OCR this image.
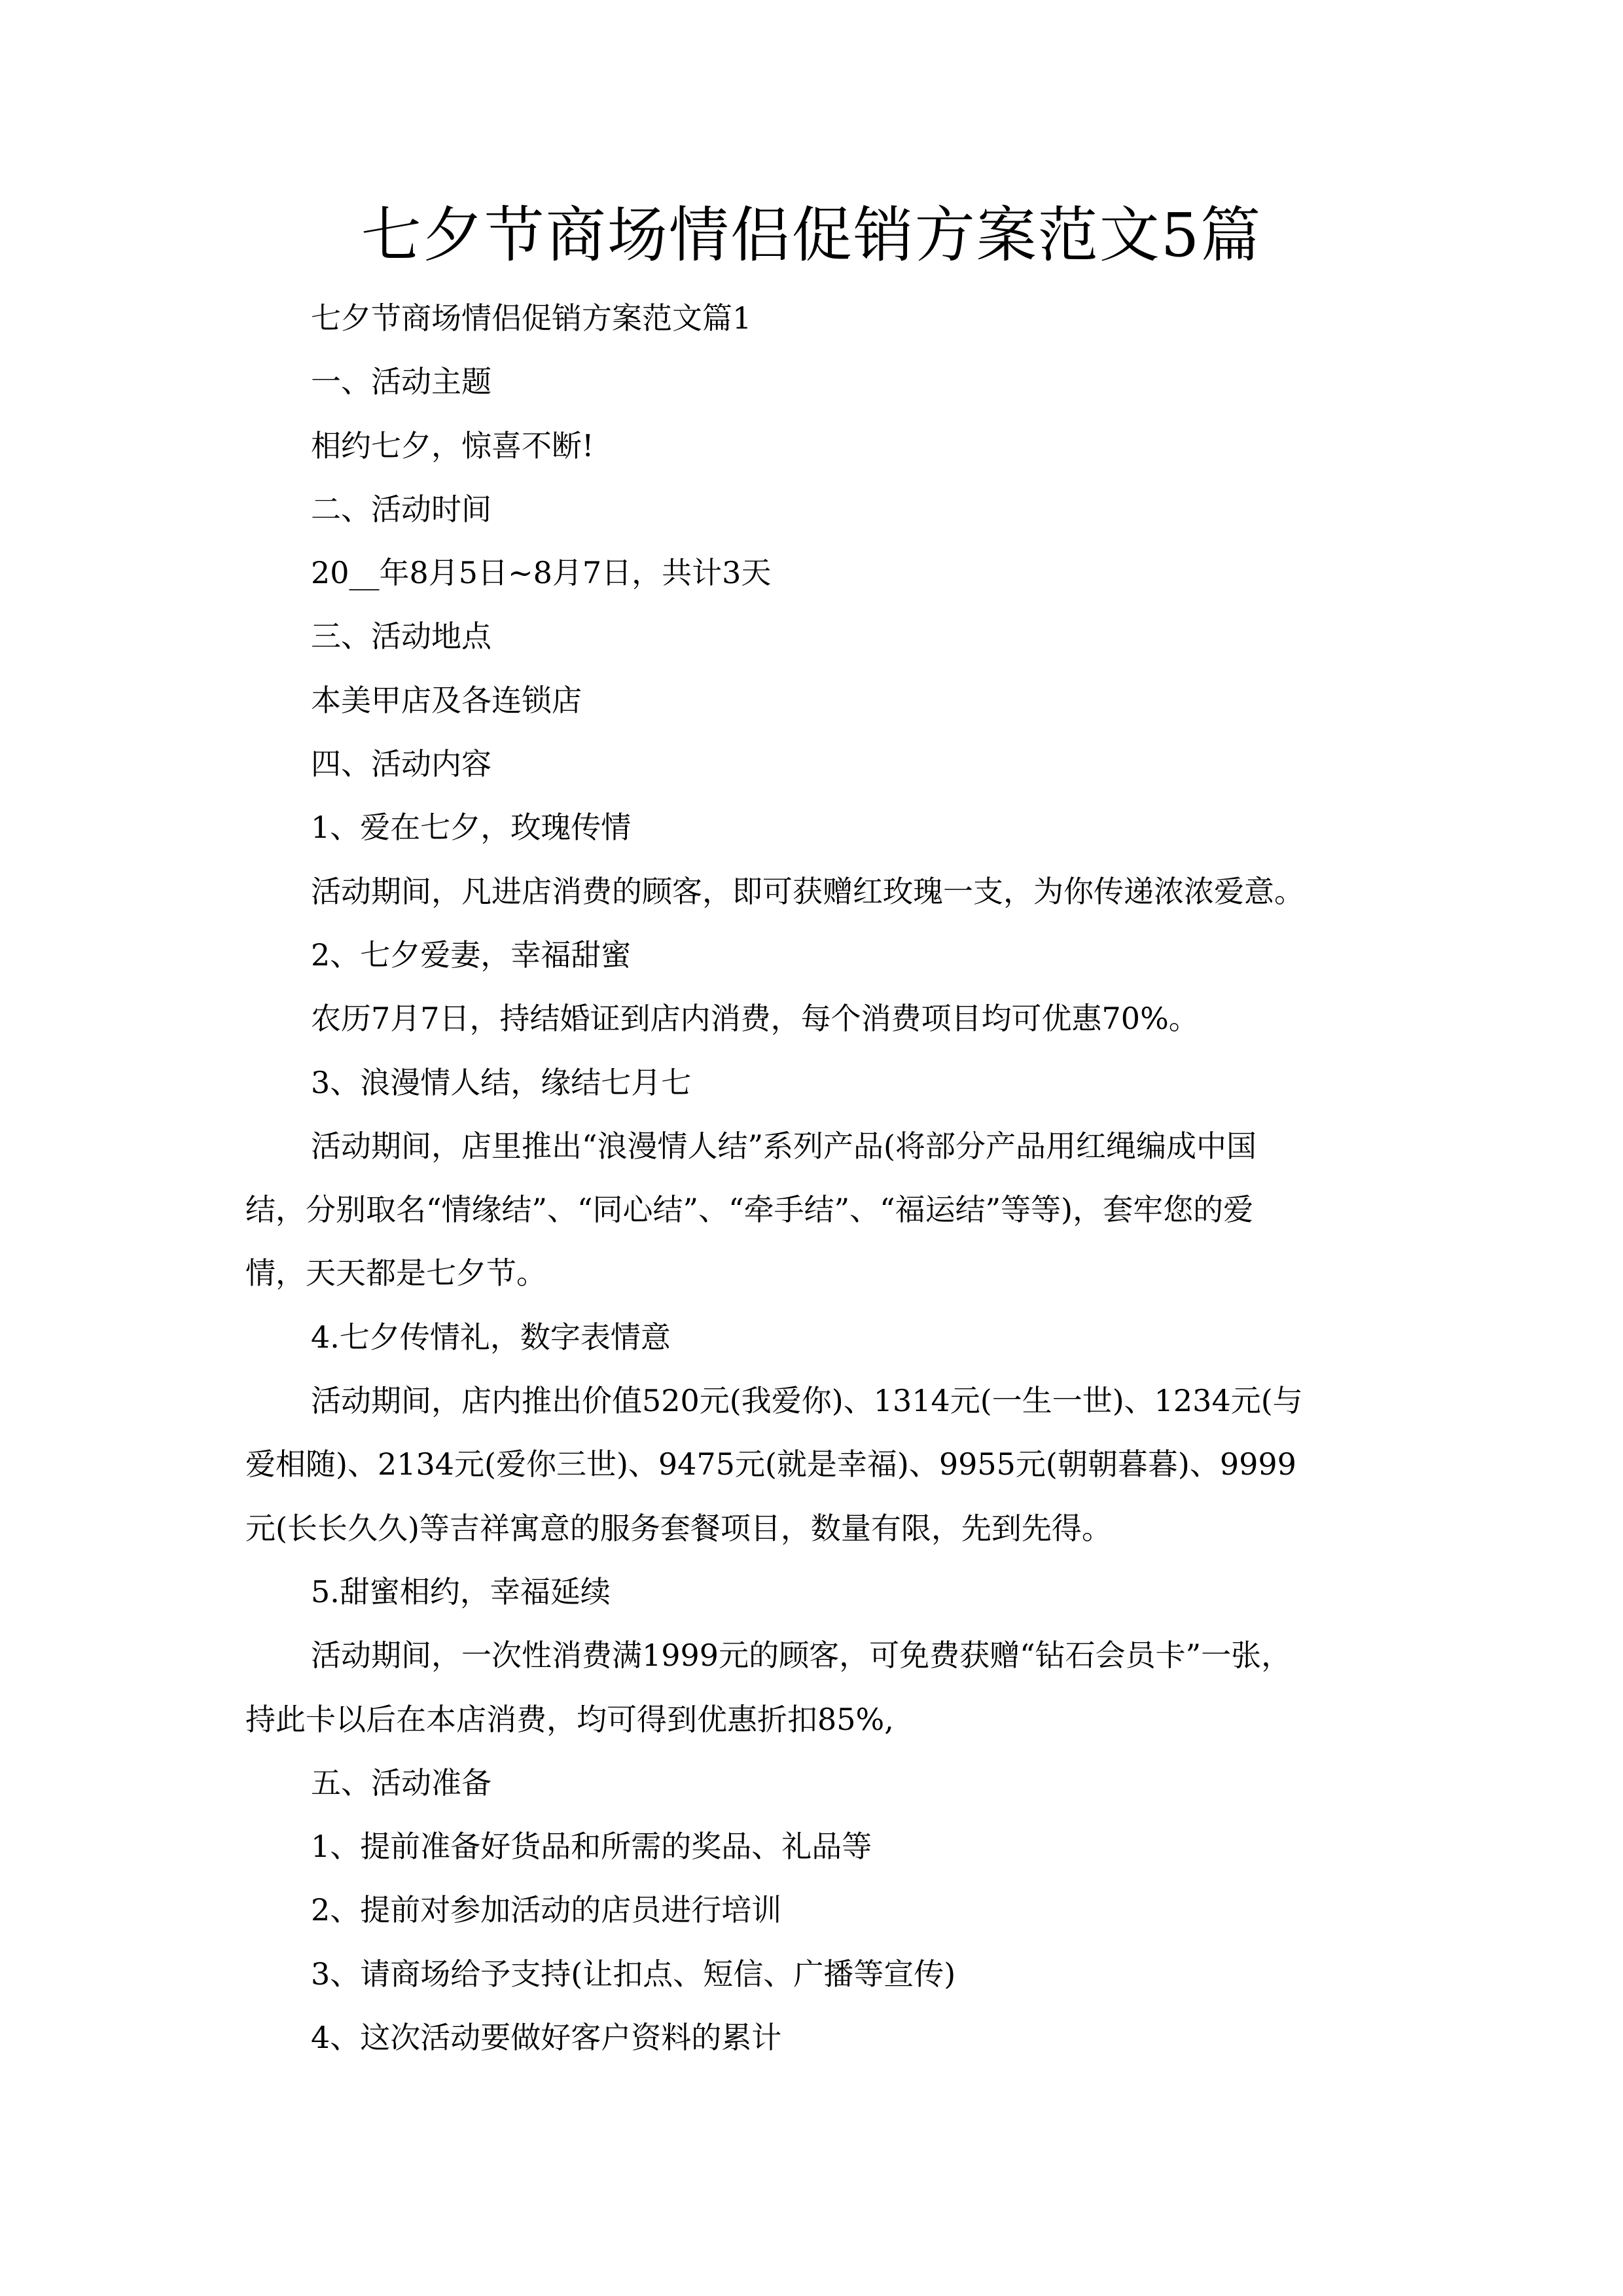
七夕节商场情侣促销方案范文5篇
七夕节商场情侣促销方案范文篇1
一、活动主题
相约七夕，惊喜不断!
二、活动时间
20__年8月5日~8月7日，共计3天
三、活动地点
本美甲店及各连锁店
四、活动内容
1、爱在七夕，玫瑰传情
活动期间，凡进店消费的顾客，即可获赠红玫瑰一支，为你传递浓浓爱意。
2、七夕爱妻，幸福甜蜜
农历7月7日，持结婚证到店内消费，每个消费项目均可优惠70%。
3、浪漫情人结，缘结七月七
活动期间，店里推出“浪漫情人结”系列产品(将部分产品用红绳编成中国
结，分别取名“情缘结”、“同心结”、“牵手结”、“福运结”等等)，套牢您的爱
情，天天都是七夕节。
4.七夕传情礼，数字表情意
活动期间，店内推出价值520元(我爱你)、1314元(一生一世)、1234元(与
爱相随)、2134元(爱你三世)、9475元(就是幸福)、9955元(朝朝暮暮)、9999
元(长长久久)等吉祥寓意的服务套餐项目，数量有限，先到先得。
5.甜蜜相约，幸福延续
活动期间，一次性消费满1999元的顾客，可免费获赠“钻石会员卡”一张，
持此卡以后在本店消费，均可得到优惠折扣85%,
五、活动准备
1、提前准备好货品和所需的奖品、礼品等
2、提前对参加活动的店员进行培训
3、请商场给予支持(让扣点、短信、广播等宣传)
4、这次活动要做好客户资料的累计
